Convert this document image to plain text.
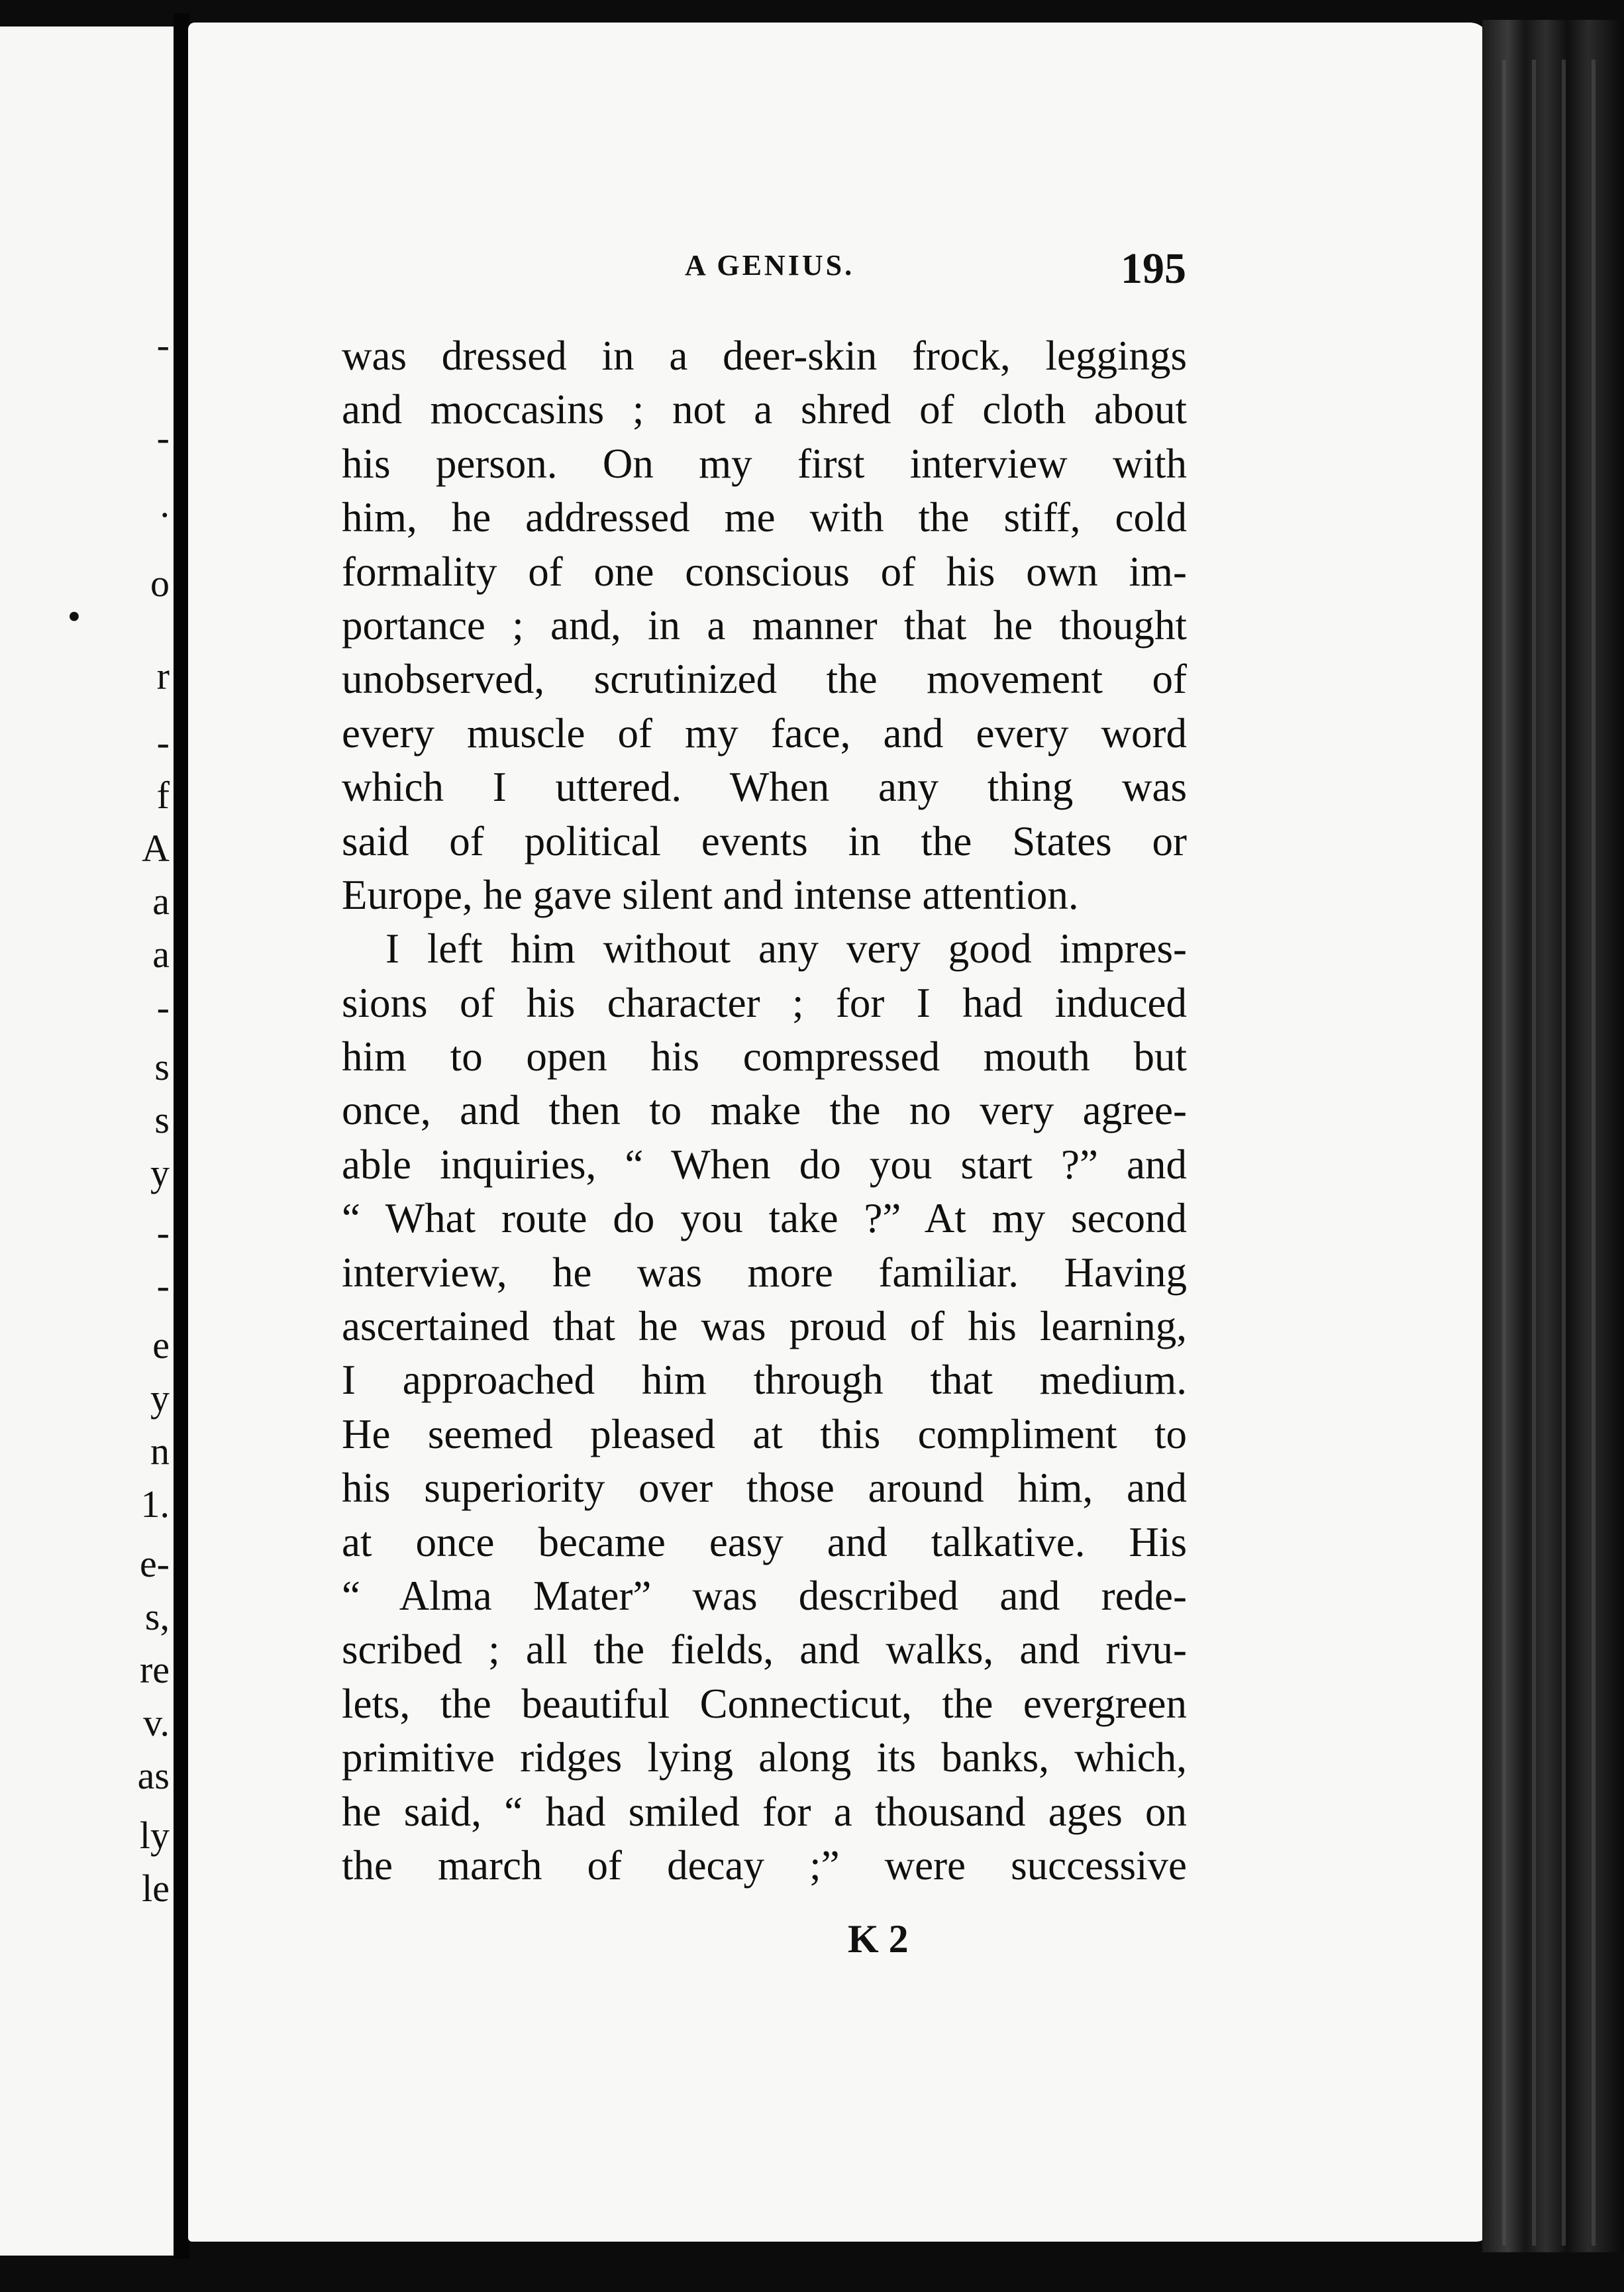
-
-
.
o
•
r
-
f
A
a
a
-
s
s
y
-
-
e
y
n
1.
e-
s,
re
v.
as
ly
le
A GENIUS.	195
was dressed in a deer-skin frock, leggings
and moccasins ; not a shred of cloth about
his person. On my first interview with
him, he addressed me with the stiff, cold
formality of one conscious of his own im-
portance ; and, in a manner that he thought
unobserved, scrutinized the movement of
every muscle of my face, and every word
which I uttered. When any thing was
said of political events in the States or
Europe, he gave silent and intense attention.
I left him without any very good impres-
sions of his character ; for I had induced
him to open his compressed mouth but
once, and then to make the no very agree-
able inquiries, “ When do you start ?” and
“ What route do you take ?” At my second
interview, he was more familiar. Having
ascertained that he was proud of his learning,
I approached him through that medium.
He seemed pleased at this compliment to
his superiority over those around him, and
at once became easy and talkative. His
“ Alma Mater” was described and rede-
scribed ; all the fields, and walks, and rivu-
lets, the beautiful Connecticut, the evergreen
primitive ridges lying along its banks, which,
he said, “ had smiled for a thousand ages on
the march of decay ;” were successive
K 2
